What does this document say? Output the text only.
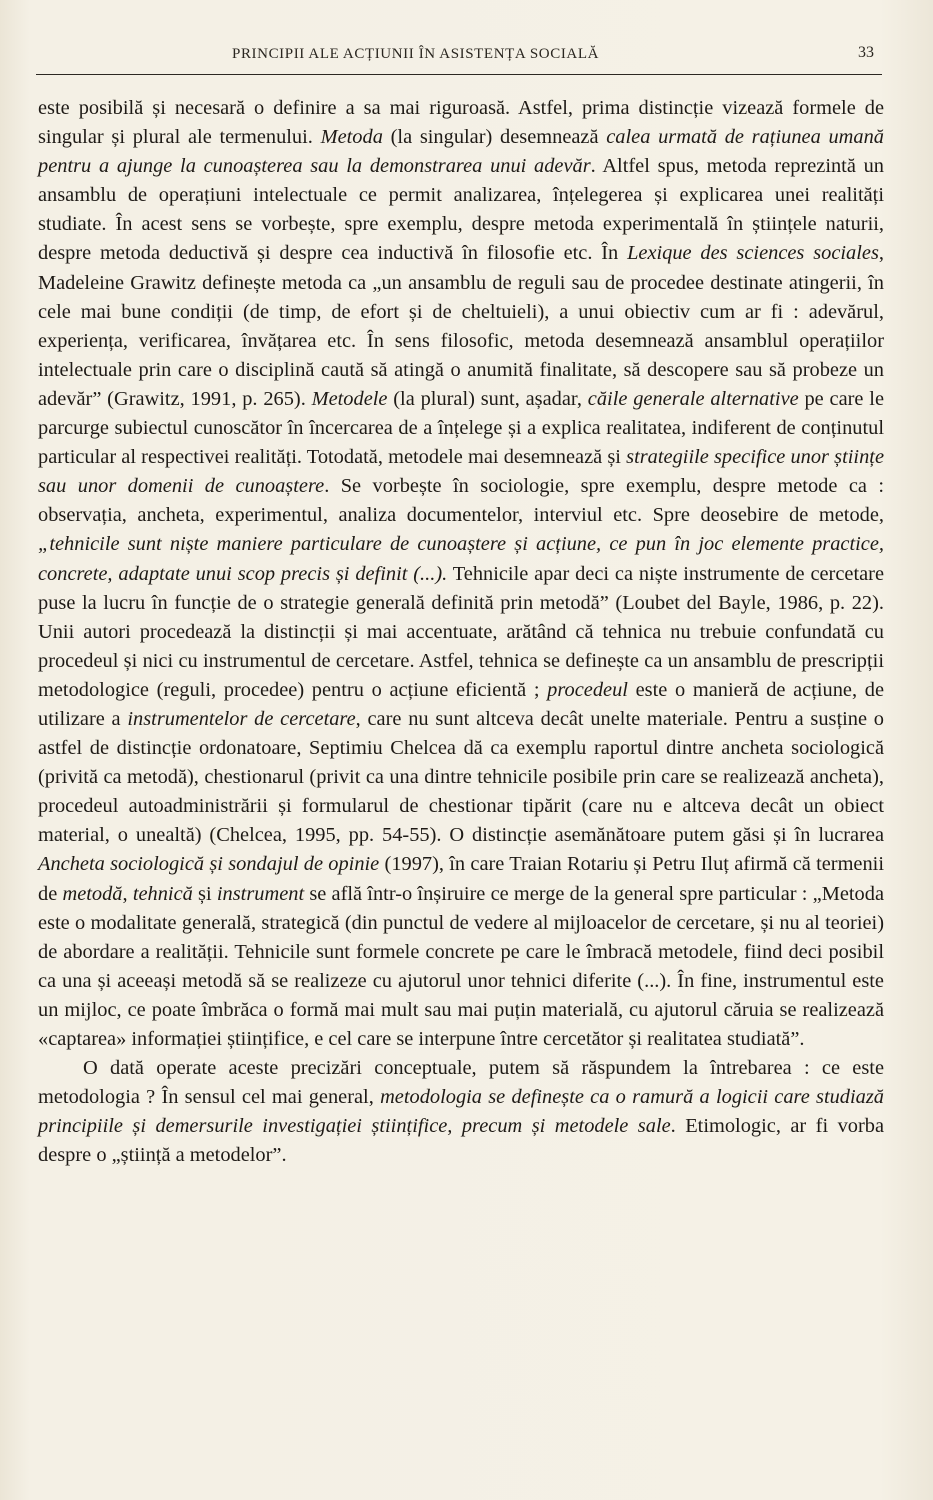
PRINCIPII ALE ACȚIUNII ÎN ASISTENȚA SOCIALĂ	33

este posibilă și necesară o definire a sa mai riguroasă. Astfel, prima distincție vizează formele de singular și plural ale termenului. Metoda (la singular) desemnează calea urmată de rațiunea umană pentru a ajunge la cunoașterea sau la demonstrarea unui adevăr. Altfel spus, metoda reprezintă un ansamblu de operațiuni intelectuale ce permit analizarea, înțelegerea și explicarea unei realități studiate. În acest sens se vorbește, spre exemplu, despre metoda experimentală în științele naturii, despre metoda deductivă și despre cea inductivă în filosofie etc. În Lexique des sciences sociales, Madeleine Grawitz definește metoda ca „un ansamblu de reguli sau de procedee destinate atingerii, în cele mai bune condiții (de timp, de efort și de cheltuieli), a unui obiectiv cum ar fi : adevărul, experiența, verificarea, învățarea etc. În sens filosofic, metoda desemnează ansamblul operațiilor intelectuale prin care o disciplină caută să atingă o anumită finalitate, să descopere sau să probeze un adevăr” (Grawitz, 1991, p. 265). Metodele (la plural) sunt, așadar, căile generale alternative pe care le parcurge subiectul cunoscător în încercarea de a înțelege și a explica realitatea, indiferent de conținutul particular al respectivei realități. Totodată, metodele mai desemnează și strategiile specifice unor științe sau unor domenii de cunoaștere. Se vorbește în sociologie, spre exemplu, despre metode ca : observația, ancheta, experimentul, analiza documentelor, interviul etc. Spre deosebire de metode, „tehnicile sunt niște maniere particulare de cunoaștere și acțiune, ce pun în joc elemente practice, concrete, adaptate unui scop precis și definit (...). Tehnicile apar deci ca niște instrumente de cercetare puse la lucru în funcție de o strategie generală definită prin metodă” (Loubet del Bayle, 1986, p. 22). Unii autori procedează la distincții și mai accentuate, arătând că tehnica nu trebuie confundată cu procedeul și nici cu instrumentul de cercetare. Astfel, tehnica se definește ca un ansamblu de prescripții metodologice (reguli, procedee) pentru o acțiune eficientă ; procedeul este o manieră de acțiune, de utilizare a instrumentelor de cercetare, care nu sunt altceva decât unelte materiale. Pentru a susține o astfel de distincție ordonatoare, Septimiu Chelcea dă ca exemplu raportul dintre ancheta sociologică (privită ca metodă), chestionarul (privit ca una dintre tehnicile posibile prin care se realizează ancheta), procedeul autoadministrării și formularul de chestionar tipărit (care nu e altceva decât un obiect material, o unealtă) (Chelcea, 1995, pp. 54-55). O distincție asemănătoare putem găsi și în lucrarea Ancheta sociologică și sondajul de opinie (1997), în care Traian Rotariu și Petru Iluț afirmă că termenii de metodă, tehnică și instrument se află într-o înșiruire ce merge de la general spre particular : „Metoda este o modalitate generală, strategică (din punctul de vedere al mijloacelor de cercetare, și nu al teoriei) de abordare a realității. Tehnicile sunt formele concrete pe care le îmbracă metodele, fiind deci posibil ca una și aceeași metodă să se realizeze cu ajutorul unor tehnici diferite (...). În fine, instrumentul este un mijloc, ce poate îmbrăca o formă mai mult sau mai puțin materială, cu ajutorul căruia se realizează «captarea» informației științifice, e cel care se interpune între cercetător și realitatea studiată”.

O dată operate aceste precizări conceptuale, putem să răspundem la întrebarea : ce este metodologia ? În sensul cel mai general, metodologia se definește ca o ramură a logicii care studiază principiile și demersurile investigației științifice, precum și metodele sale. Etimologic, ar fi vorba despre o „știință a metodelor”.
